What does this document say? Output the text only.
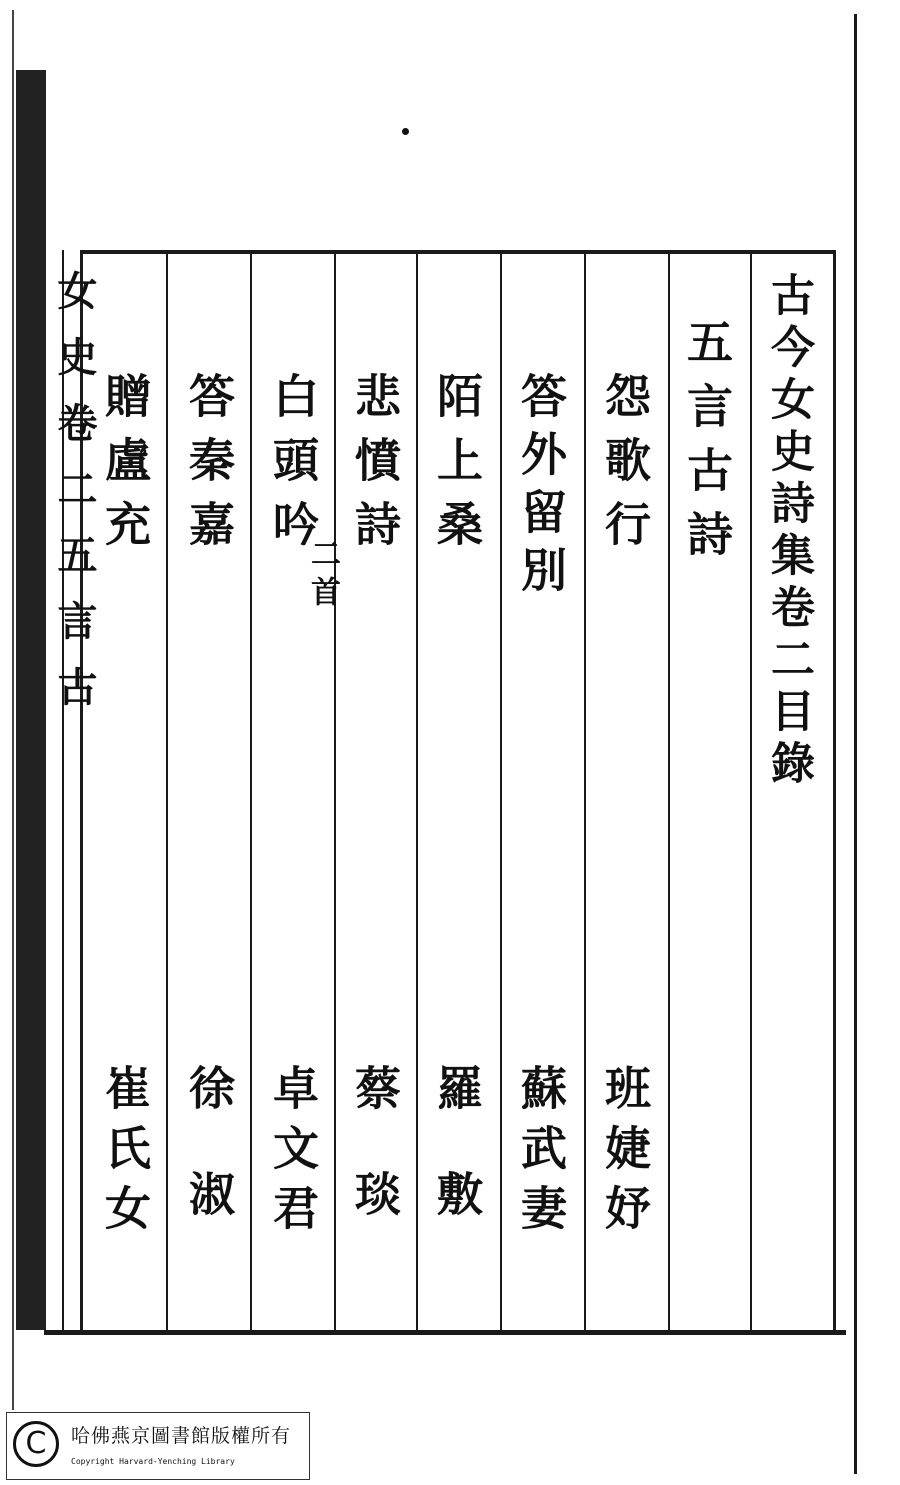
女史卷二五言古	古今女史詩集卷二目錄
五言古詩
怨歌行
答外留別
陌上桑
悲憤詩
白頭吟
二首
答秦嘉
贈盧充
班婕妤
蘇武妻
羅敷
蔡琰
卓文君
徐淑
崔氏女
C	哈佛燕京圖書館版權所有
Copyright Harvard-Yenching Library
